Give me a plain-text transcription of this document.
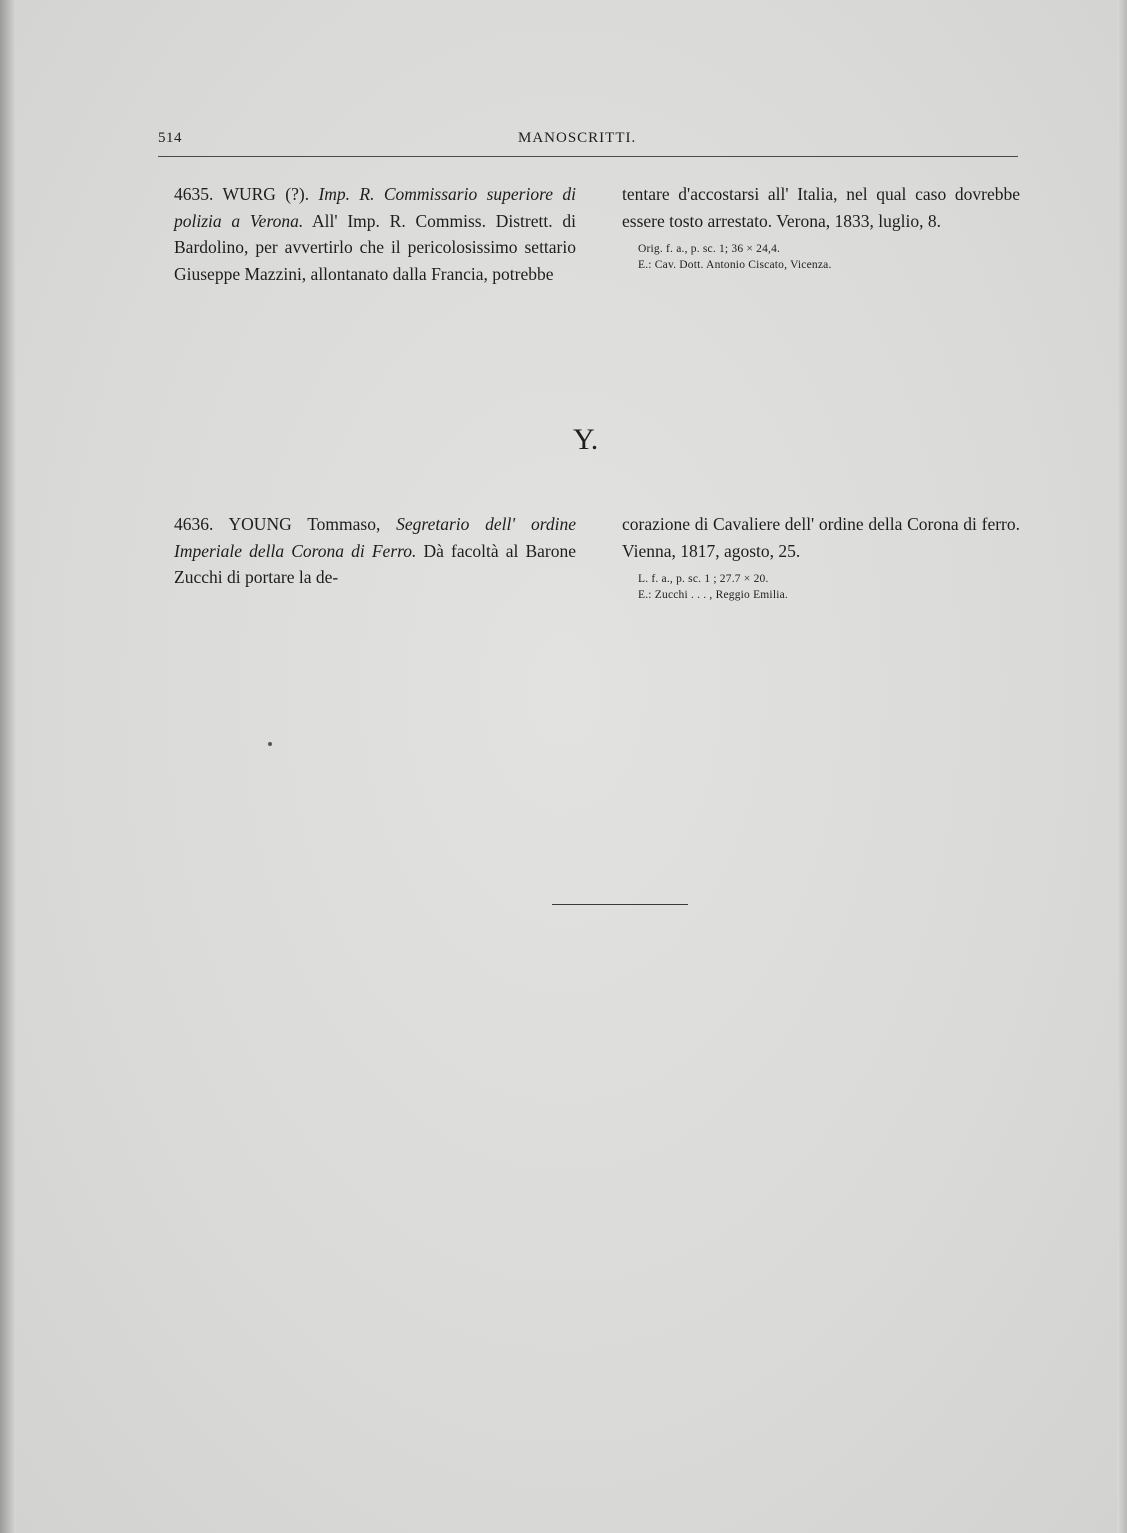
514	MANOSCRITTI.

4635. WURG (?). Imp. R. Commissario superiore di polizia a Verona. All' Imp. R. Commiss. Distrett. di Bardolino, per avvertirlo che il pericolosissimo settario Giuseppe Mazzini, allontanato dalla Francia, potrebbe

tentare d'accostarsi all' Italia, nel qual caso dovrebbe essere tosto arrestato. Verona, 1833, luglio, 8.

Orig. f. a., p. sc. 1; 36 × 24,4.

E.: Cav. Dott. Antonio Ciscato, Vicenza.

Y.

4636. YOUNG Tommaso, Segretario dell' ordine Imperiale della Corona di Ferro. Dà facoltà al Barone Zucchi di portare la de-

corazione di Cavaliere dell' ordine della Corona di ferro. Vienna, 1817, agosto, 25.

L. f. a., p. sc. 1 ; 27.7 × 20.

E.: Zucchi . . . , Reggio Emilia.
